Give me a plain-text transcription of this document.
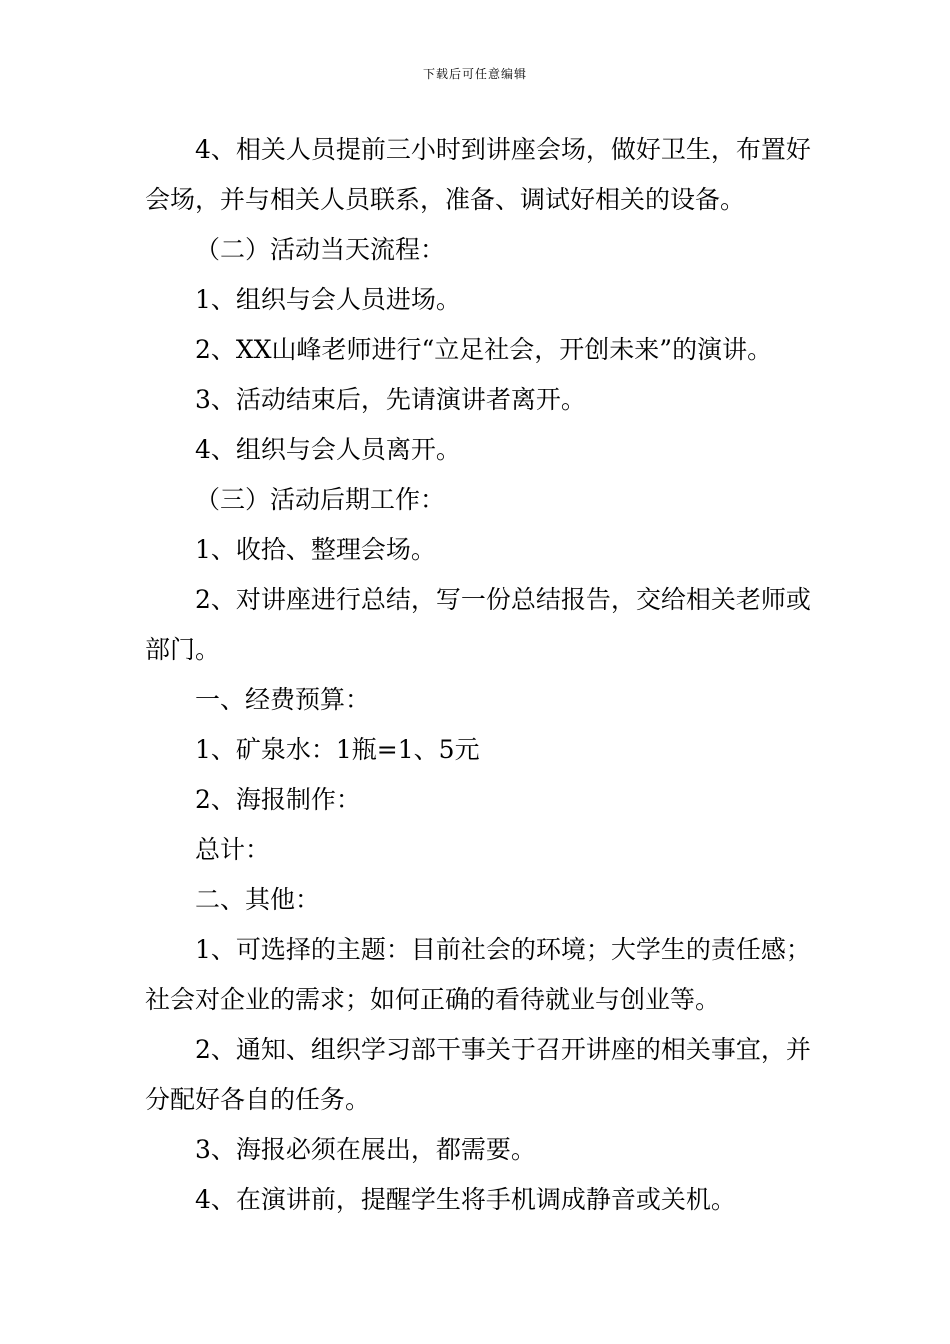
下载后可任意编辑

4、相关人员提前三小时到讲座会场，做好卫生，布置好会场，并与相关人员联系，准备、调试好相关的设备。

（二）活动当天流程：

1、组织与会人员进场。

2、XX山峰老师进行“立足社会，开创未来”的演讲。

3、活动结束后，先请演讲者离开。

4、组织与会人员离开。

（三）活动后期工作：

1、收拾、整理会场。

2、对讲座进行总结，写一份总结报告，交给相关老师或部门。

一、经费预算：

1、矿泉水：1瓶=1、5元

2、海报制作：

总计：

二、其他：

1、可选择的主题：目前社会的环境；大学生的责任感；社会对企业的需求；如何正确的看待就业与创业等。

2、通知、组织学习部干事关于召开讲座的相关事宜，并分配好各自的任务。

3、海报必须在展出，都需要。

4、在演讲前，提醒学生将手机调成静音或关机。
